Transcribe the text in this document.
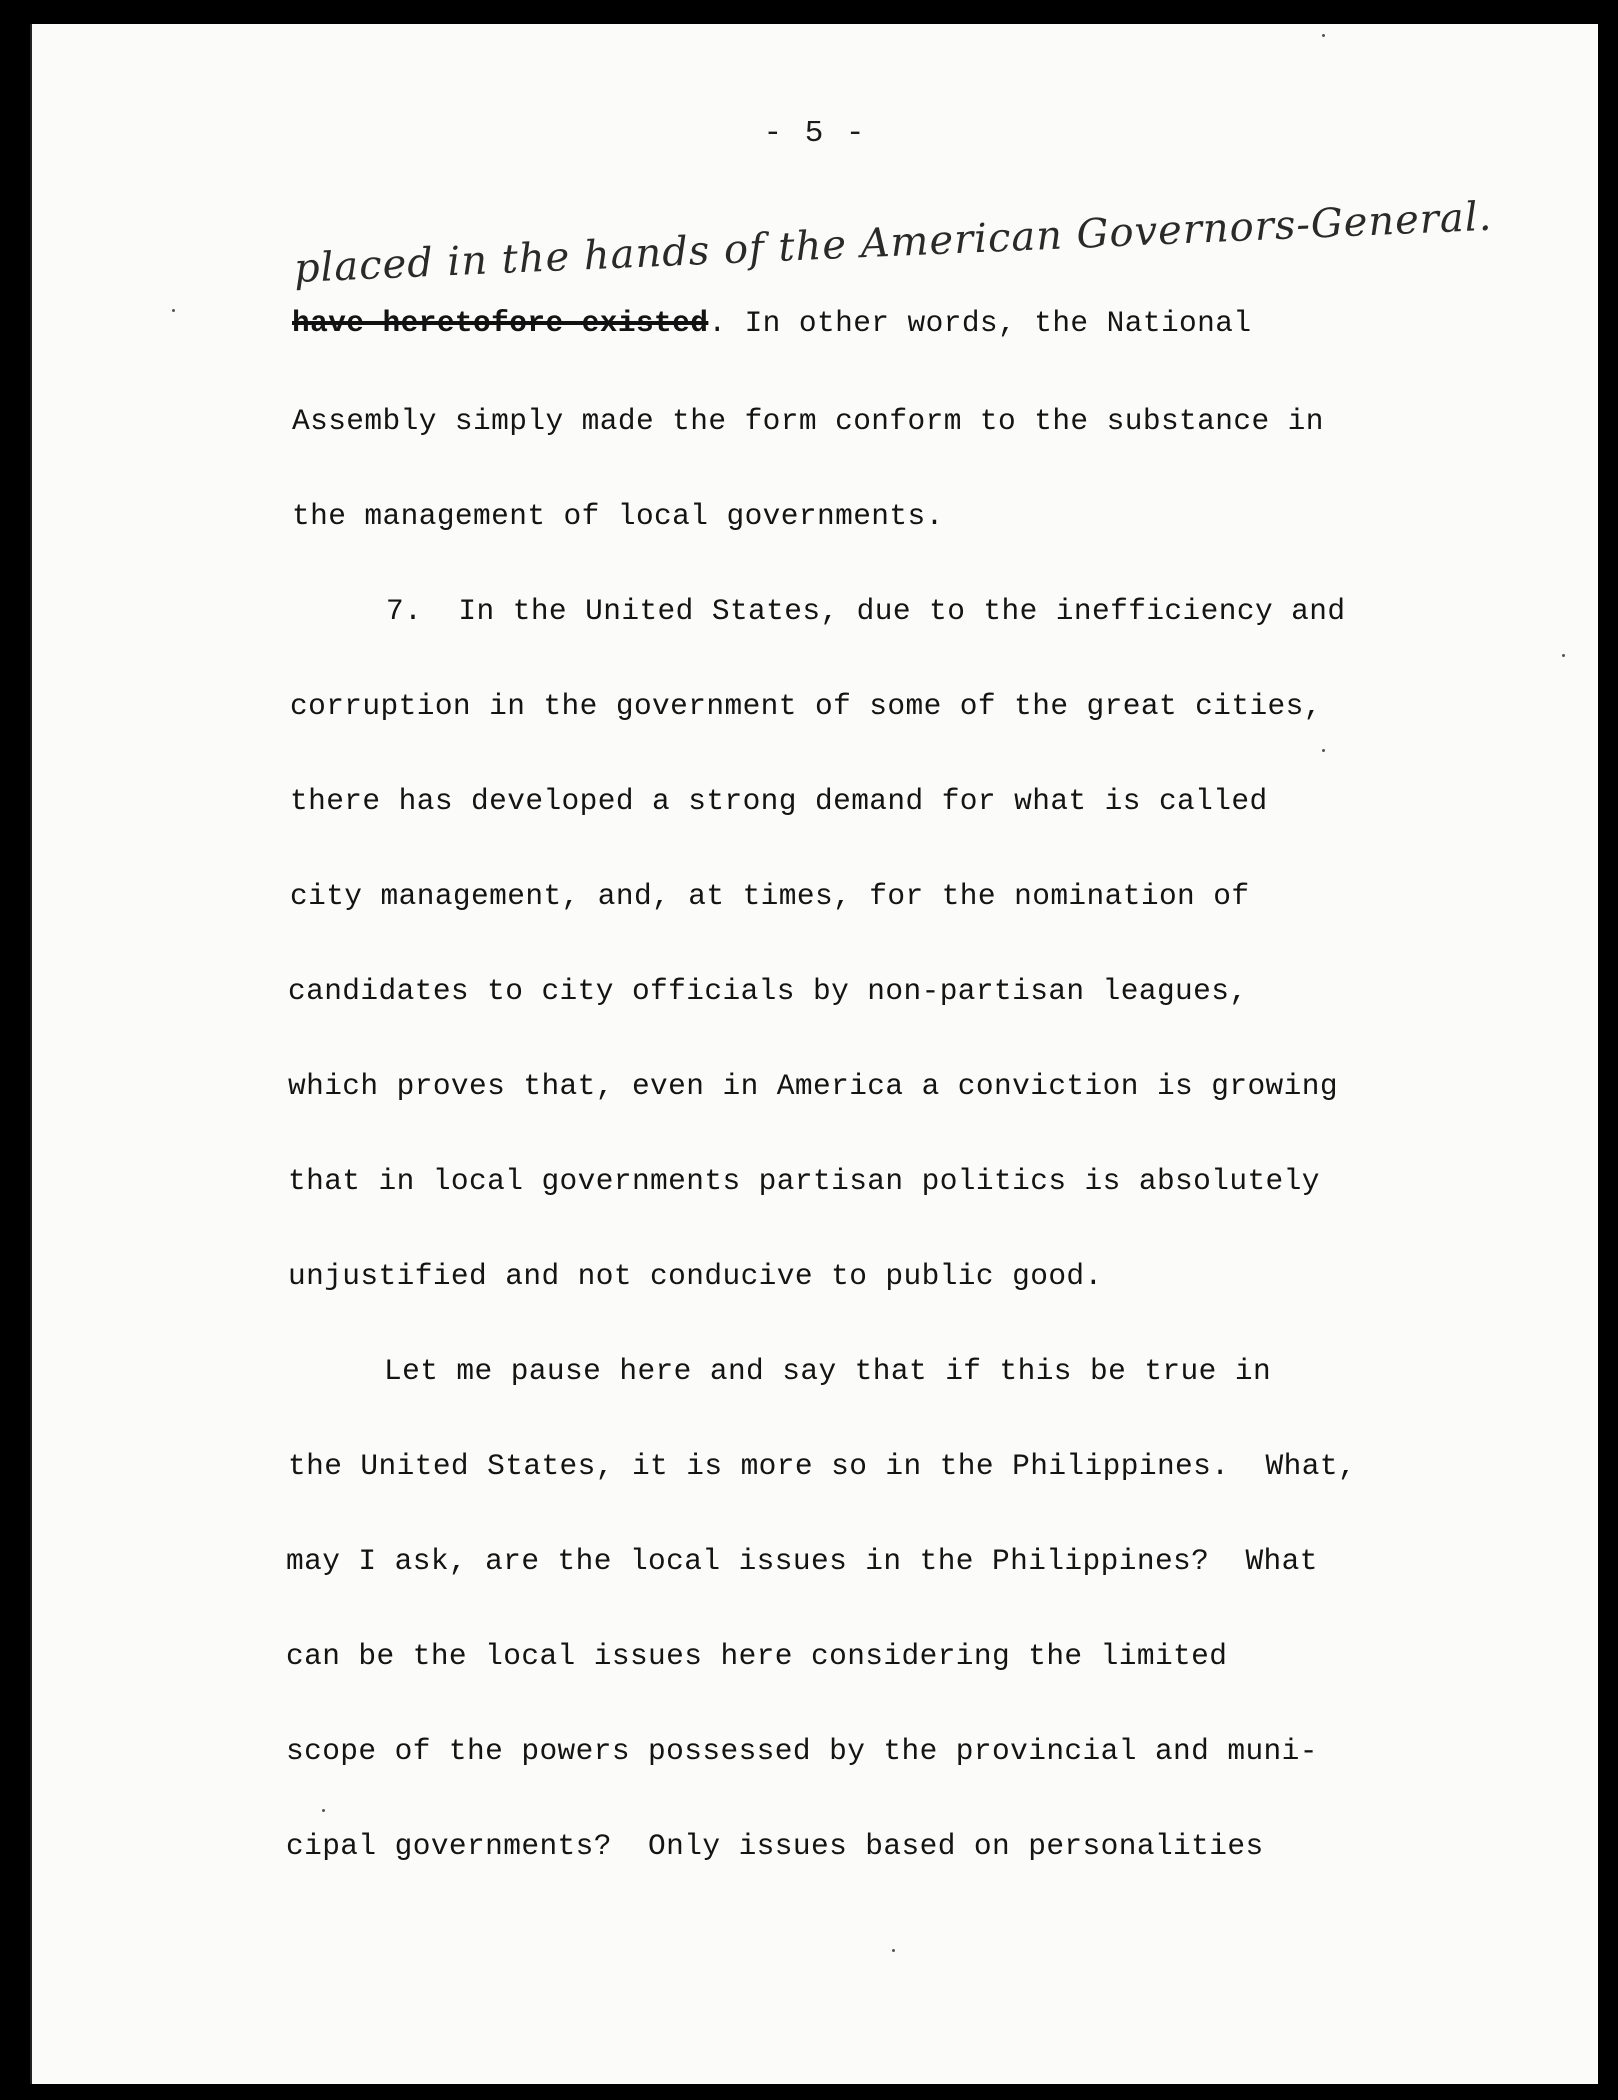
- 5 -
placed in the hands of the American Governors-General.
have heretofore existed. In other words, the National
Assembly simply made the form conform to the substance in
the management of local governments.
7.  In the United States, due to the inefficiency and
corruption in the government of some of the great cities,
there has developed a strong demand for what is called
city management, and, at times, for the nomination of
candidates to city officials by non-partisan leagues,
which proves that, even in America a conviction is growing
that in local governments partisan politics is absolutely
unjustified and not conducive to public good.
Let me pause here and say that if this be true in
the United States, it is more so in the Philippines.  What,
may I ask, are the local issues in the Philippines?  What
can be the local issues here considering the limited
scope of the powers possessed by the provincial and muni-
cipal governments?  Only issues based on personalities
